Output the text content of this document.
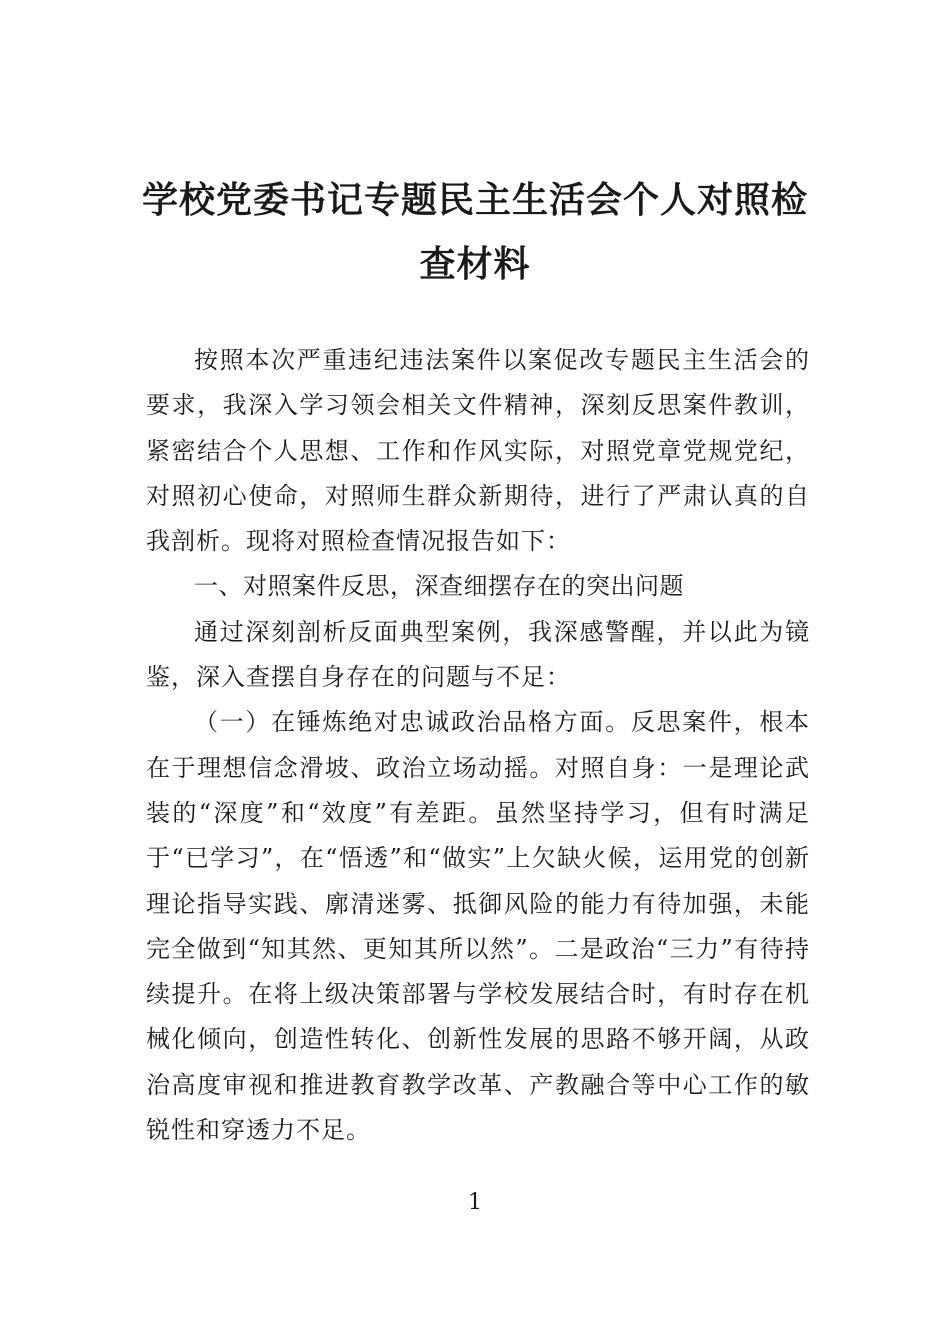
学校党委书记专题民主生活会个人对照检
查材料

按照本次严重违纪违法案件以案促改专题民主生活会的要求，我深入学习领会相关文件精神，深刻反思案件教训，紧密结合个人思想、工作和作风实际，对照党章党规党纪，对照初心使命，对照师生群众新期待，进行了严肃认真的自我剖析。现将对照检查情况报告如下：

一、对照案件反思，深查细摆存在的突出问题

通过深刻剖析反面典型案例，我深感警醒，并以此为镜鉴，深入查摆自身存在的问题与不足：

（一）在锤炼绝对忠诚政治品格方面。反思案件，根本在于理想信念滑坡、政治立场动摇。对照自身：一是理论武装的“深度”和“效度”有差距。虽然坚持学习，但有时满足于“已学习”，在“悟透”和“做实”上欠缺火候，运用党的创新理论指导实践、廓清迷雾、抵御风险的能力有待加强，未能完全做到“知其然、更知其所以然”。二是政治“三力”有待持续提升。在将上级决策部署与学校发展结合时，有时存在机械化倾向，创造性转化、创新性发展的思路不够开阔，从政治高度审视和推进教育教学改革、产教融合等中心工作的敏锐性和穿透力不足。

1
